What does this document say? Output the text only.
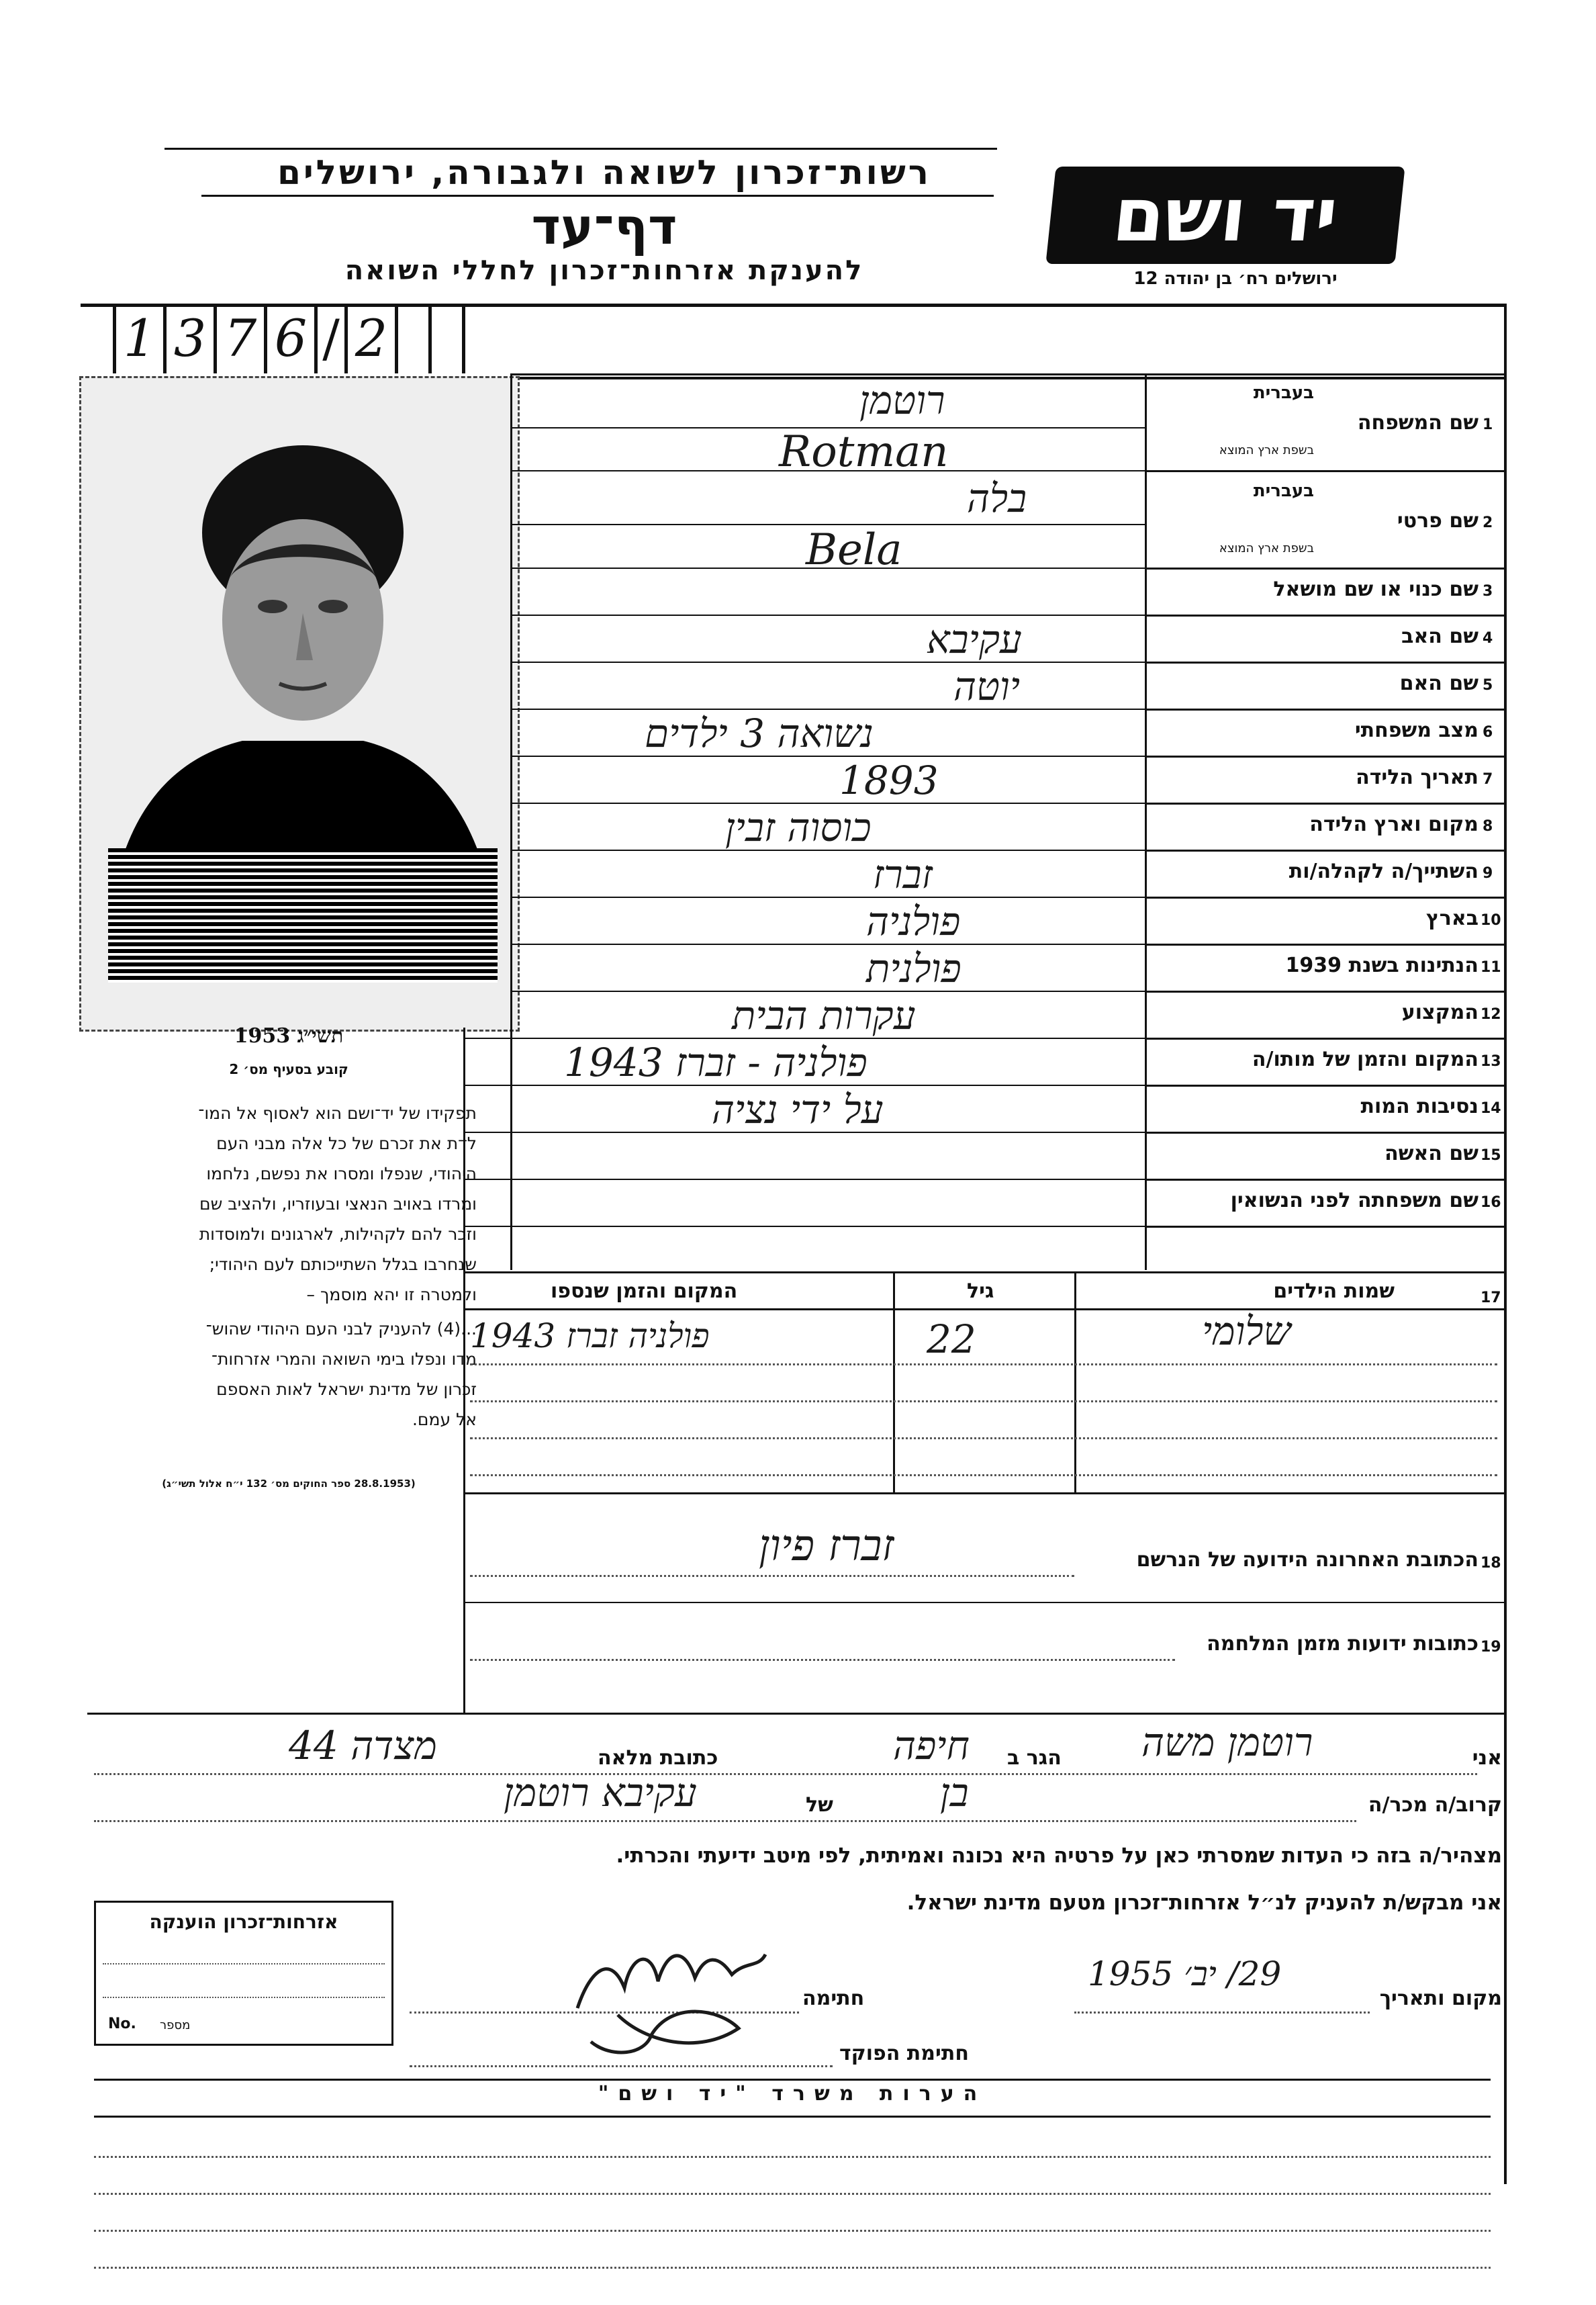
רשות־זכרון לשואה ולגבורה, ירושלים
דף־עד
להענקת אזרחות־זכרון לחללי השואה
יד ושם
ירושלים רח׳ בן יהודה 12
1 3 7 6 / 2
תשי״ג 1953
קובע בסעיף מס׳ 2
תפקידו של יד־ושם הוא לאסוף אל המו־
לדת את זכרם של כל אלה מבני העם
היהודי, שנפלו ומסרו את נפשם, נלחמו
ומרדו באויב הנאצי ובעוזריו, ולהציב שם
וזכר להם לקהילות, לארגונים ולמוסדות
שנחרבו בגלל השתייכותם לעם היהודי;
ולמטרה זו יהא מוסמך –
...(4) להעניק לבני העם היהודי שהוש־
מדו ונפלו בימי השואה והמרי אזרחות־
זכרון של מדינת ישראל לאות האספם
אל עמם.
(28.8.1953 ספר החוקים מס׳ 132 י״ח אלול תשי״ג)
1
שם המשפחה
בעברית
בשפת ארץ המוצא
רוטמן
Rotman
2
שם פרטי
בעברית
בשפת ארץ המוצא
בלה
Bela
3
שם כנוי או שם מושאל
4
שם האב
עקיבא
5
שם האם
יוטה
6
מצב משפחתי
נשואה 3 ילדים
7
תאריך הלידה
1893
8
מקום וארץ הלידה
כוסוה זבין
9
השתייך/ה לקהלה/ות
זברז
10
בארץ
פולניה
11
הנתינות בשנת 1939
פולנית
12
המקצוע
עקרות הבית
13
המקום והזמן של מותו/ה
פולניה - זברז 1943
14
נסיבות המות
על ידי נציה
15
שם האשה
16
שם משפחתה לפני הנשואין
17
שמות הילדים
גיל
המקום והזמן שנספו
שלומי
22
פולניה זברז 1943
18
הכתובת האחרונה הידועה של הנרשם
זברז פיון
19
כתובות ידועות מזמן המלחמה
אני
רוטמן משה
הגר ב
חיפה
כתובת מלאה
מצדה 44
קרוב/ה מכר/ה
בן
של
עקיבא רוטמן
מצהיר/ה בזה כי העדות שמסרתי כאן על פרטיה היא נכונה ואמיתית, לפי מיטב ידיעתי והכרתי.
אני מבקש/ת להעניק לנ״ל אזרחות־זכרון מטעם מדינת ישראל.
אזרחות־זכרון הוענקה
No. מספר
מקום ותאריך
29/ יב׳ 1955
חתימה
חתימת הפוקד
הערות משרד "יד ושם"
